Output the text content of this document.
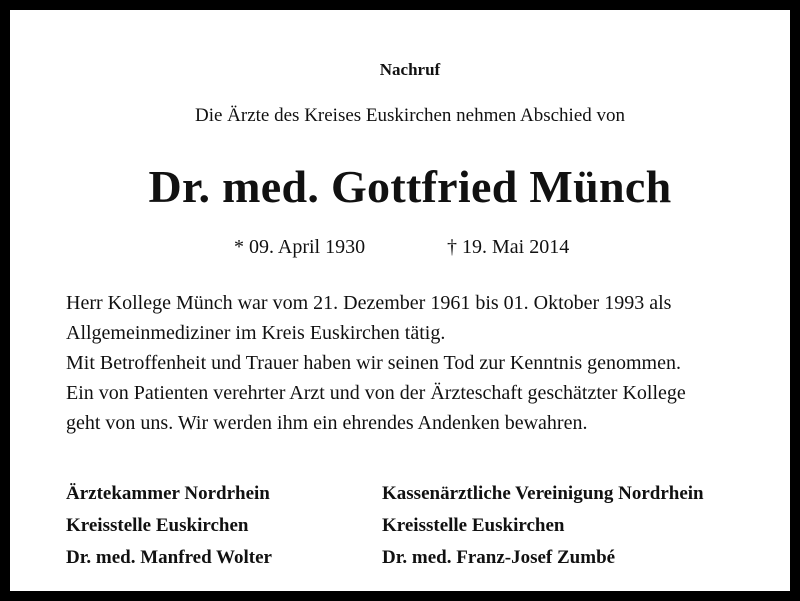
Nachruf
Die Ärzte des Kreises Euskirchen nehmen Abschied von
Dr. med. Gottfried Münch
* 09. April 1930	† 19. Mai 2014

Herr Kollege Münch war vom 21. Dezember 1961 bis 01. Oktober 1993 als

Allgemeinmediziner im Kreis Euskirchen tätig.

Mit Betroffenheit und Trauer haben wir seinen Tod zur Kenntnis genommen.

Ein von Patienten verehrter Arzt und von der Ärzteschaft geschätzter Kollege

geht von uns. Wir werden ihm ein ehrendes Andenken bewahren.

Ärztekammer Nordrhein
Kreisstelle Euskirchen
Dr. med. Manfred Wolter
Kassenärztliche Vereinigung Nordrhein
Kreisstelle Euskirchen
Dr. med. Franz-Josef Zumbé
